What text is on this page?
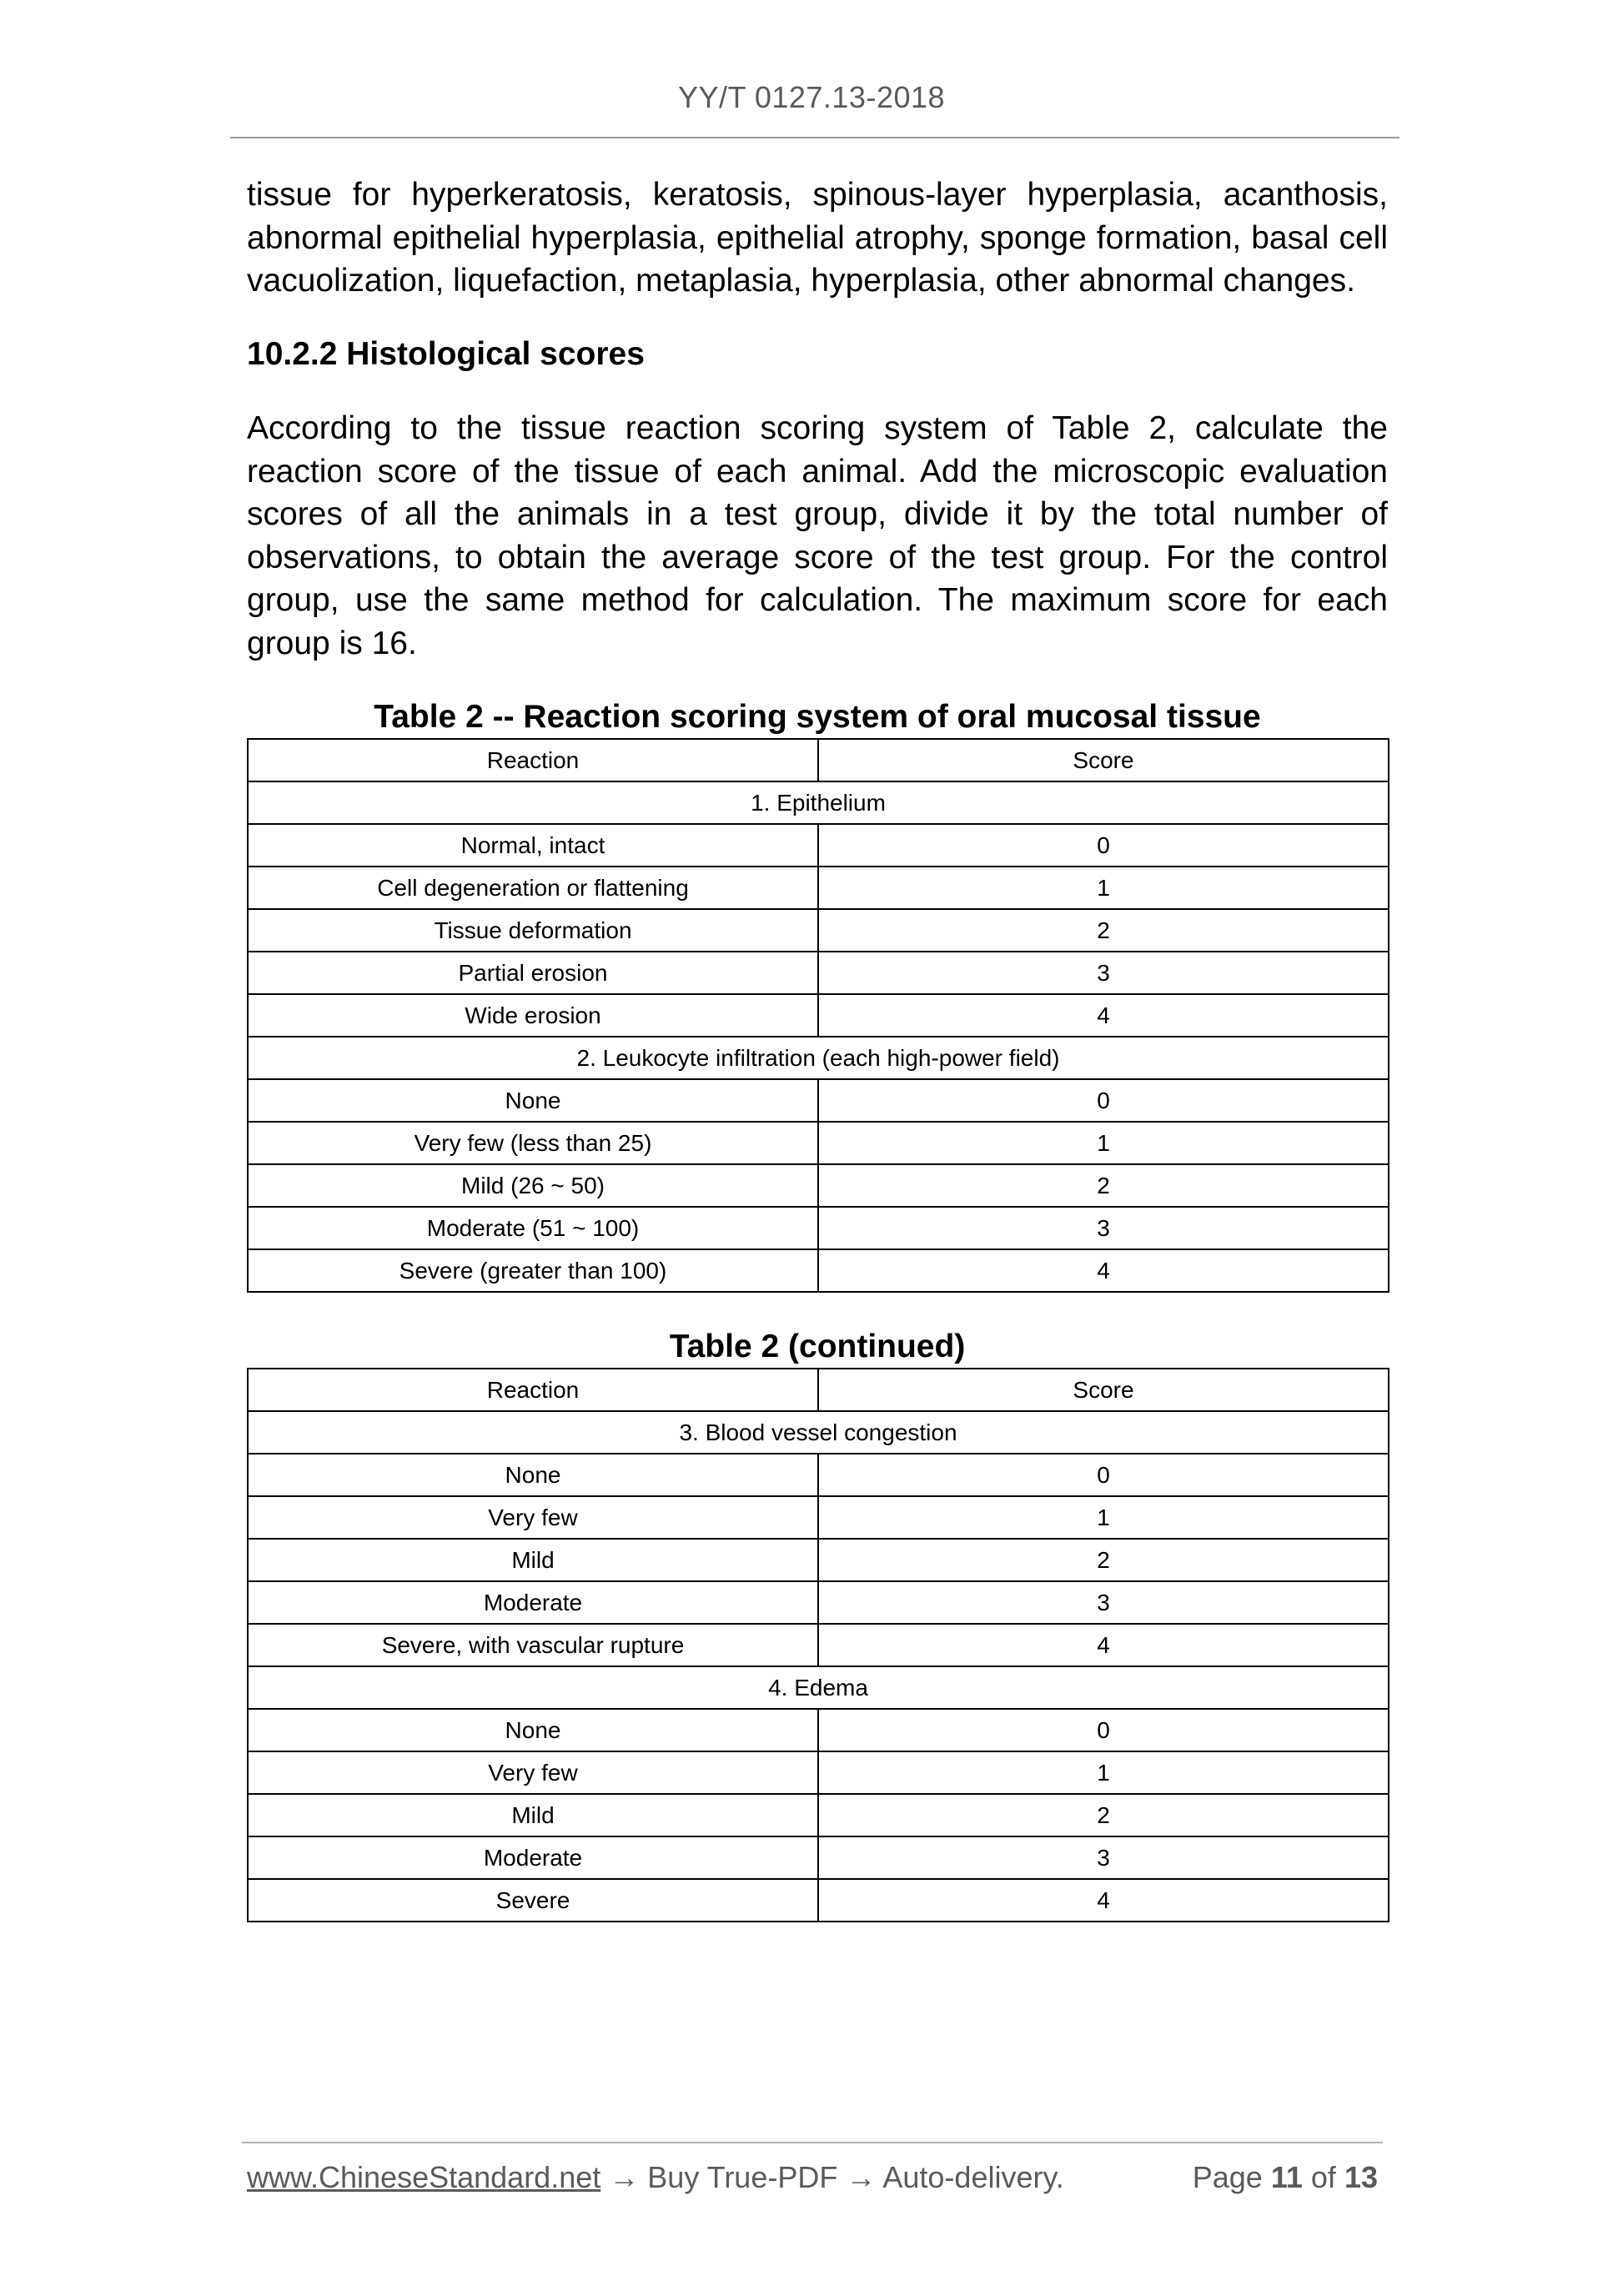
YY/T 0127.13-2018

tissue for hyperkeratosis, keratosis, spinous-layer hyperplasia, acanthosis, abnormal epithelial hyperplasia, epithelial atrophy, sponge formation, basal cell vacuolization, liquefaction, metaplasia, hyperplasia, other abnormal changes.

10.2.2 Histological scores

According to the tissue reaction scoring system of Table 2, calculate the reaction score of the tissue of each animal. Add the microscopic evaluation scores of all the animals in a test group, divide it by the total number of observations, to obtain the average score of the test group. For the control group, use the same method for calculation. The maximum score for each group is 16.

Table 2 -- Reaction scoring system of oral mucosal tissue
Reaction	Score
1. Epithelium	
Normal, intact	0
Cell degeneration or flattening	1
Tissue deformation	2
Partial erosion	3
Wide erosion	4
2. Leukocyte infiltration (each high-power field)	
None	0
Very few (less than 25)	1
Mild (26 ~ 50)	2
Moderate (51 ~ 100)	3
Severe (greater than 100)	4
Table 2 (continued)
Reaction	Score
3. Blood vessel congestion	
None	0
Very few	1
Mild	2
Moderate	3
Severe, with vascular rupture	4
4. Edema	
None	0
Very few	1
Mild	2
Moderate	3
Severe	4
www.ChineseStandard.net → Buy True-PDF → Auto-delivery.	Page 11 of 13
